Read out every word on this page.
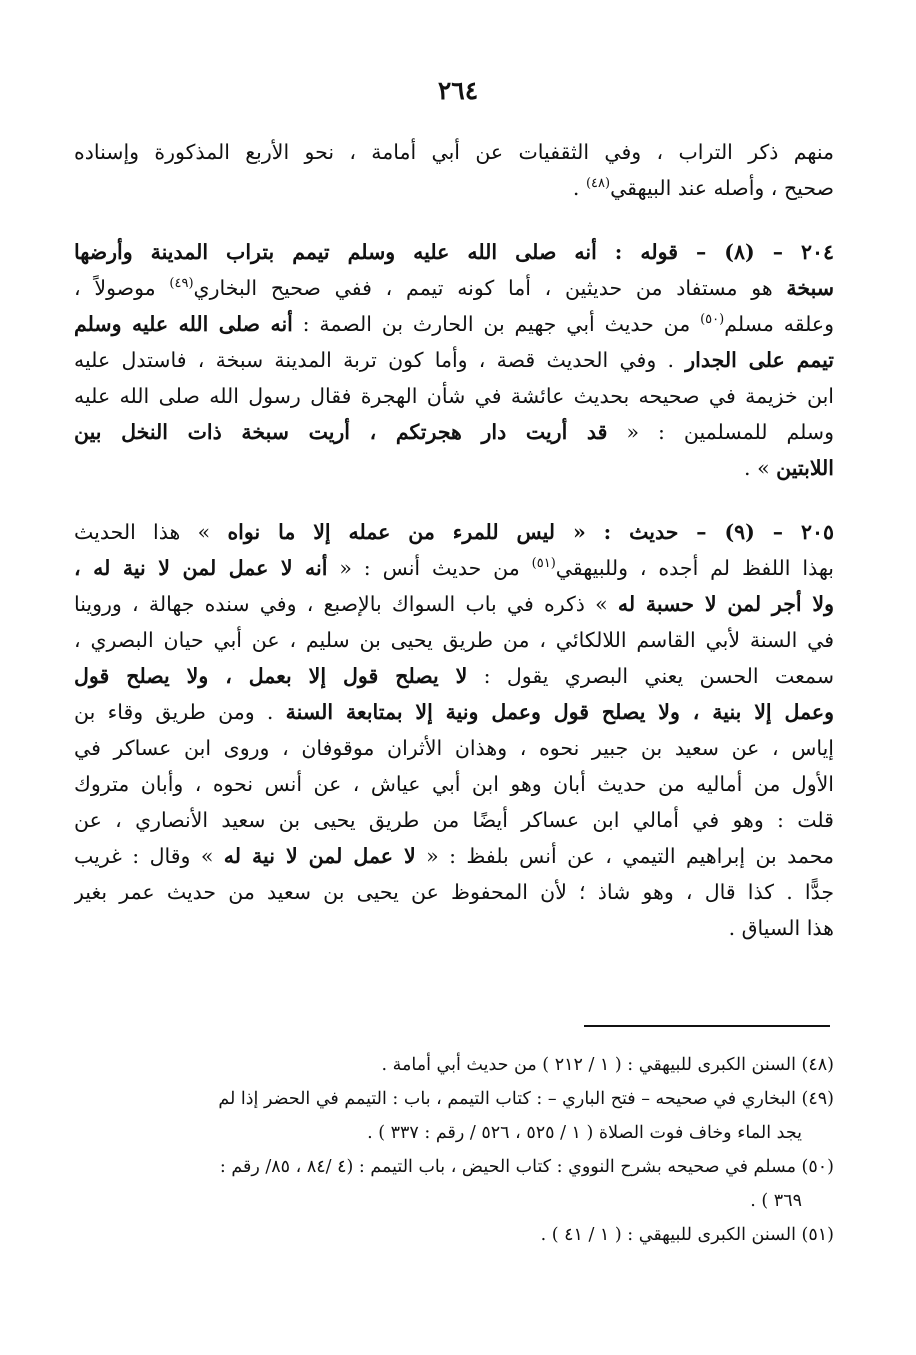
٢٦٤
منهم ذكر التراب ، وفي الثقفيات عن أبي أمامة ، نحو الأربع المذكورة وإسناده
صحيح ، وأصله عند البيهقي$^{(٤٨)}$ .
٢٠٤ – (٨) – قوله : أنه صلى الله عليه وسلم تيمم بتراب المدينة وأرضها
سبخة هو مستفاد من حديثين ، أما كونه تيمم ، ففي صحيح البخاري$^{(٤٩)}$ موصولاً ،
وعلقه مسلم$^{(٥٠)}$ من حديث أبي جهيم بن الحارث بن الصمة : أنه صلى الله عليه وسلم
تيمم على الجدار . وفي الحديث قصة ، وأما كون تربة المدينة سبخة ، فاستدل عليه
ابن خزيمة في صحيحه بحديث عائشة في شأن الهجرة فقال رسول الله صلى الله عليه
وسلم للمسلمين : « قد أريت دار هجرتكم ، أريت سبخة ذات النخل بين
اللابتين » .
٢٠٥ – (٩) – حديث : « ليس للمرء من عمله إلا ما نواه » هذا الحديث
بهذا اللفظ لم أجده ، وللبيهقي$^{(٥١)}$ من حديث أنس : « أنه لا عمل لمن لا نية له ،
ولا أجر لمن لا حسبة له » ذكره في باب السواك بالإصبع ، وفي سنده جهالة ، وروينا
في السنة لأبي القاسم اللالكائي ، من طريق يحيى بن سليم ، عن أبي حيان البصري ،
سمعت الحسن يعني البصري يقول : لا يصلح قول إلا بعمل ، ولا يصلح قول
وعمل إلا بنية ، ولا يصلح قول وعمل ونية إلا بمتابعة السنة . ومن طريق وقاء بن
إياس ، عن سعيد بن جبير نحوه ، وهذان الأثران موقوفان ، وروى ابن عساكر في
الأول من أماليه من حديث أبان وهو ابن أبي عياش ، عن أنس نحوه ، وأبان متروك
قلت : وهو في أمالي ابن عساكر أيضًا من طريق يحيى بن سعيد الأنصاري ، عن
محمد بن إبراهيم التيمي ، عن أنس بلفظ : « لا عمل لمن لا نية له » وقال : غريب
جدًّا . كذا قال ، وهو شاذ ؛ لأن المحفوظ عن يحيى بن سعيد من حديث عمر بغير
هذا السياق .
(٤٨) السنن الكبرى للبيهقي : ( ١ / ٢١٢ ) من حديث أبي أمامة .
(٤٩) البخاري في صحيحه – فتح الباري – : كتاب التيمم ، باب : التيمم في الحضر إذا لم
يجد الماء وخاف فوت الصلاة ( ١ / ٥٢٥ ، ٥٢٦ / رقم : ٣٣٧ ) .
(٥٠) مسلم في صحيحه بشرح النووي : كتاب الحيض ، باب التيمم : (٤ /٨٤ ، ٨٥/ رقم :
٣٦٩ ) .
(٥١) السنن الكبرى للبيهقي : ( ١ / ٤١ ) .
